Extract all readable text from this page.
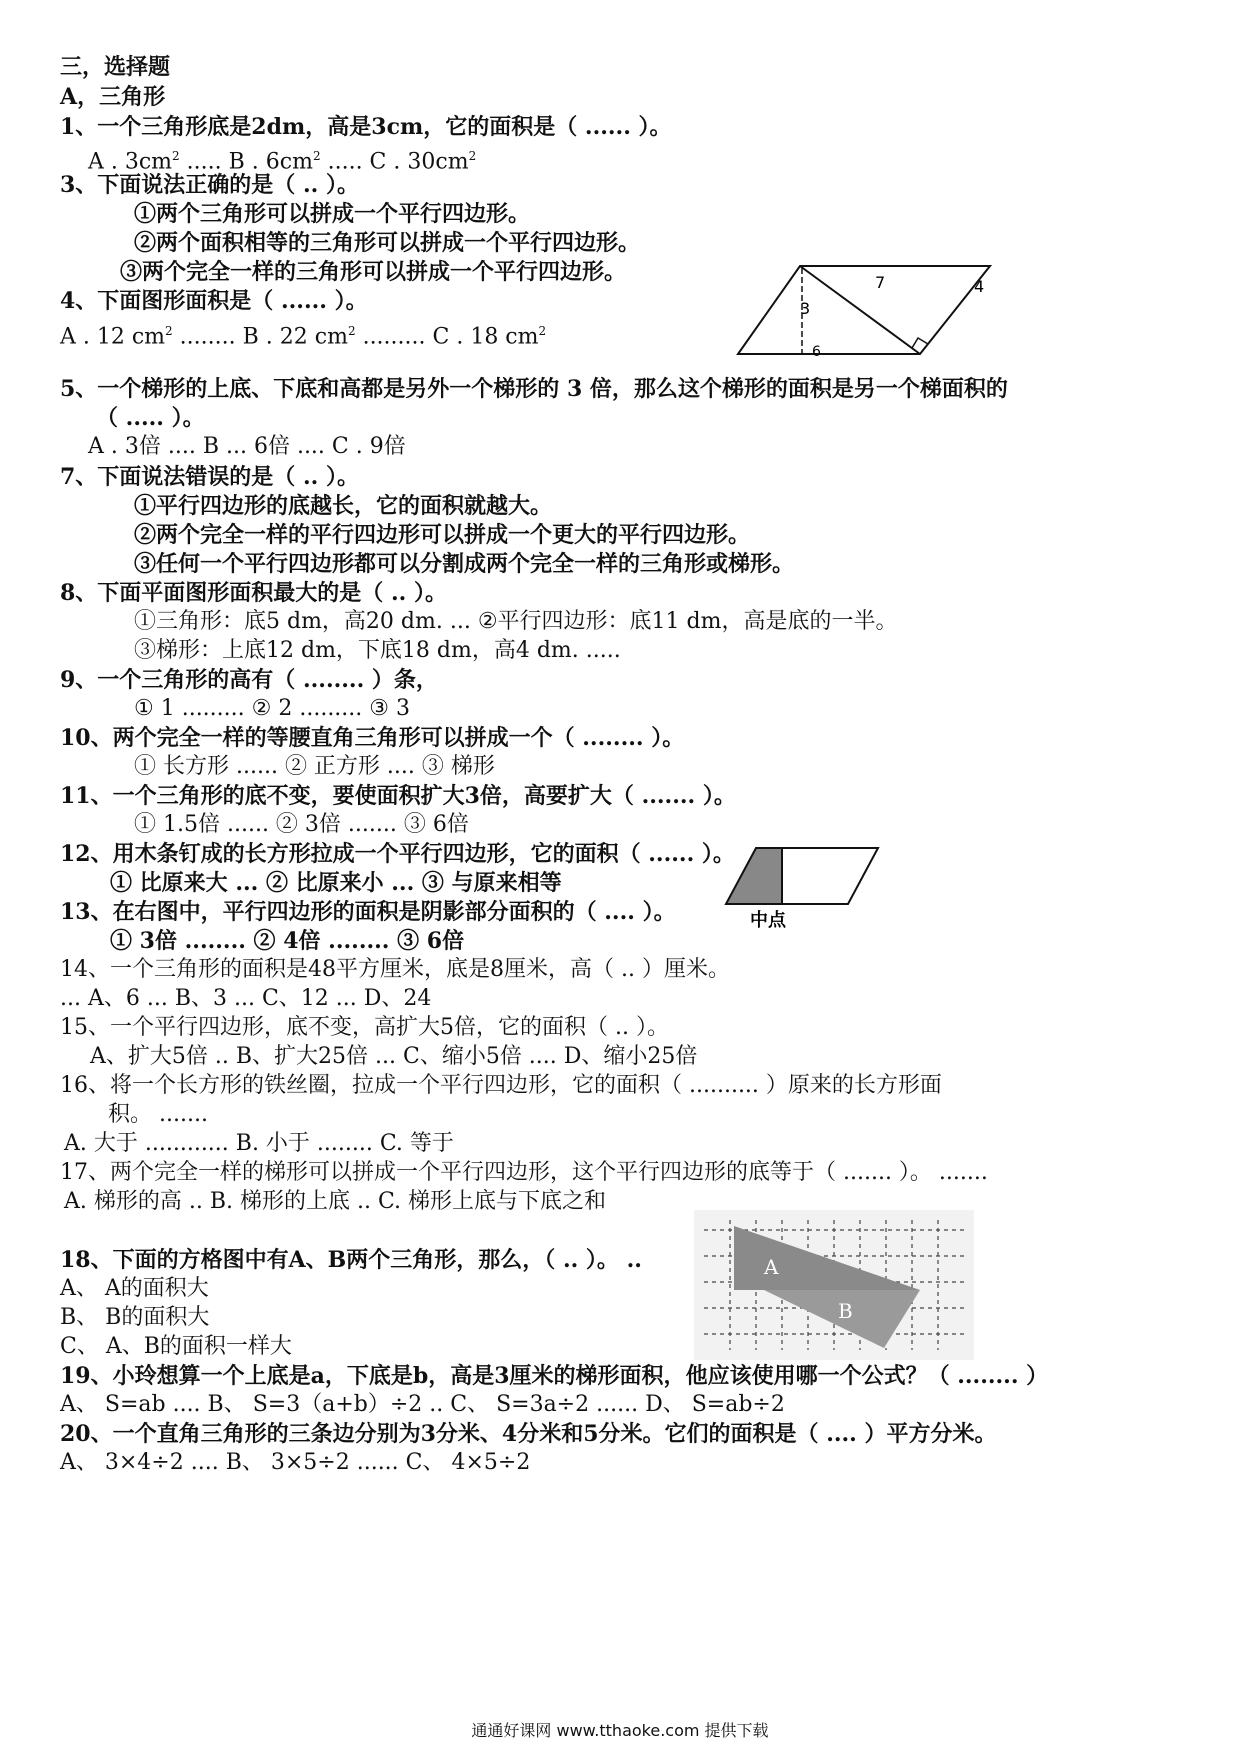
三，选择题
A，三角形
1、一个三角形底是2dm，高是3cm，它的面积是（ ...... ）。
A . $3cm^2$ ..... B . $6cm^2$ ..... C . $30cm^2$
3、下面说法正确的是（ .. ）。
①两个三角形可以拼成一个平行四边形。
②两个面积相等的三角形可以拼成一个平行四边形。
③两个完全一样的三角形可以拼成一个平行四边形。
4、下面图形面积是（ ...... ）。
A . 12 $cm^2$ ........ B . 22 $cm^2$ ......... C . 18 $cm^2$
7	4
3
6
5、一个梯形的上底、下底和高都是另外一个梯形的 3 倍，那么这个梯形的面积是另一个梯面积的
（ ..... ）。
A . 3倍 .... B ... 6倍 .... C . 9倍
7、下面说法错误的是（ .. ）。
①平行四边形的底越长，它的面积就越大。
②两个完全一样的平行四边形可以拼成一个更大的平行四边形。
③任何一个平行四边形都可以分割成两个完全一样的三角形或梯形。
8、下面平面图形面积最大的是（ .. ）。
①三角形：底5 dm，高20 dm. ... ②平行四边形：底11 dm，高是底的一半。
③梯形：上底12 dm，下底18 dm，高4 dm. .....
9、一个三角形的高有（ ........ ）条，
① 1 ......... ② 2 ......... ③ 3
10、两个完全一样的等腰直角三角形可以拼成一个（ ........ ）。
① 长方形 ...... ② 正方形 .... ③ 梯形
11、一个三角形的底不变，要使面积扩大3倍，高要扩大（ ....... ）。
① 1.5倍 ...... ② 3倍 ....... ③ 6倍
12、用木条钉成的长方形拉成一个平行四边形，它的面积（ ...... ）。
① 比原来大 ... ② 比原来小 ... ③ 与原来相等
中点
13、在右图中，平行四边形的面积是阴影部分面积的（ .... ）。
① 3倍 ........ ② 4倍 ........ ③ 6倍
14、一个三角形的面积是48平方厘米，底是8厘米，高（ .. ）厘米。
... A、6 ... B、3 ... C、12 ... D、24
15、一个平行四边形，底不变，高扩大5倍，它的面积（ .. ）。
A、扩大5倍 .. B、扩大25倍 ... C、缩小5倍 .... D、缩小25倍
16、将一个长方形的铁丝圈，拉成一个平行四边形，它的面积（ .......... ）原来的长方形面
积。 .......
A. 大于 ............ B. 小于 ........ C. 等于
17、两个完全一样的梯形可以拼成一个平行四边形，这个平行四边形的底等于（ ....... ）。 .......
A. 梯形的高 .. B. 梯形的上底 .. C. 梯形上底与下底之和
A
B
18、下面的方格图中有A、B两个三角形，那么，（ .. ）。 ..
A、 A的面积大
B、 B的面积大
C、 A、B的面积一样大
19、小玲想算一个上底是a，下底是b，高是3厘米的梯形面积，他应该使用哪一个公式？（ ........ ）
A、 S=ab .... B、 S=3（a+b）÷2 .. C、 S=3a÷2 ...... D、 S=ab÷2
20、一个直角三角形的三条边分别为3分米、4分米和5分米。它们的面积是（ .... ）平方分米。
A、 3×4÷2 .... B、 3×5÷2 ...... C、 4×5÷2
通通好课网 www.tthaoke.com 提供下载
